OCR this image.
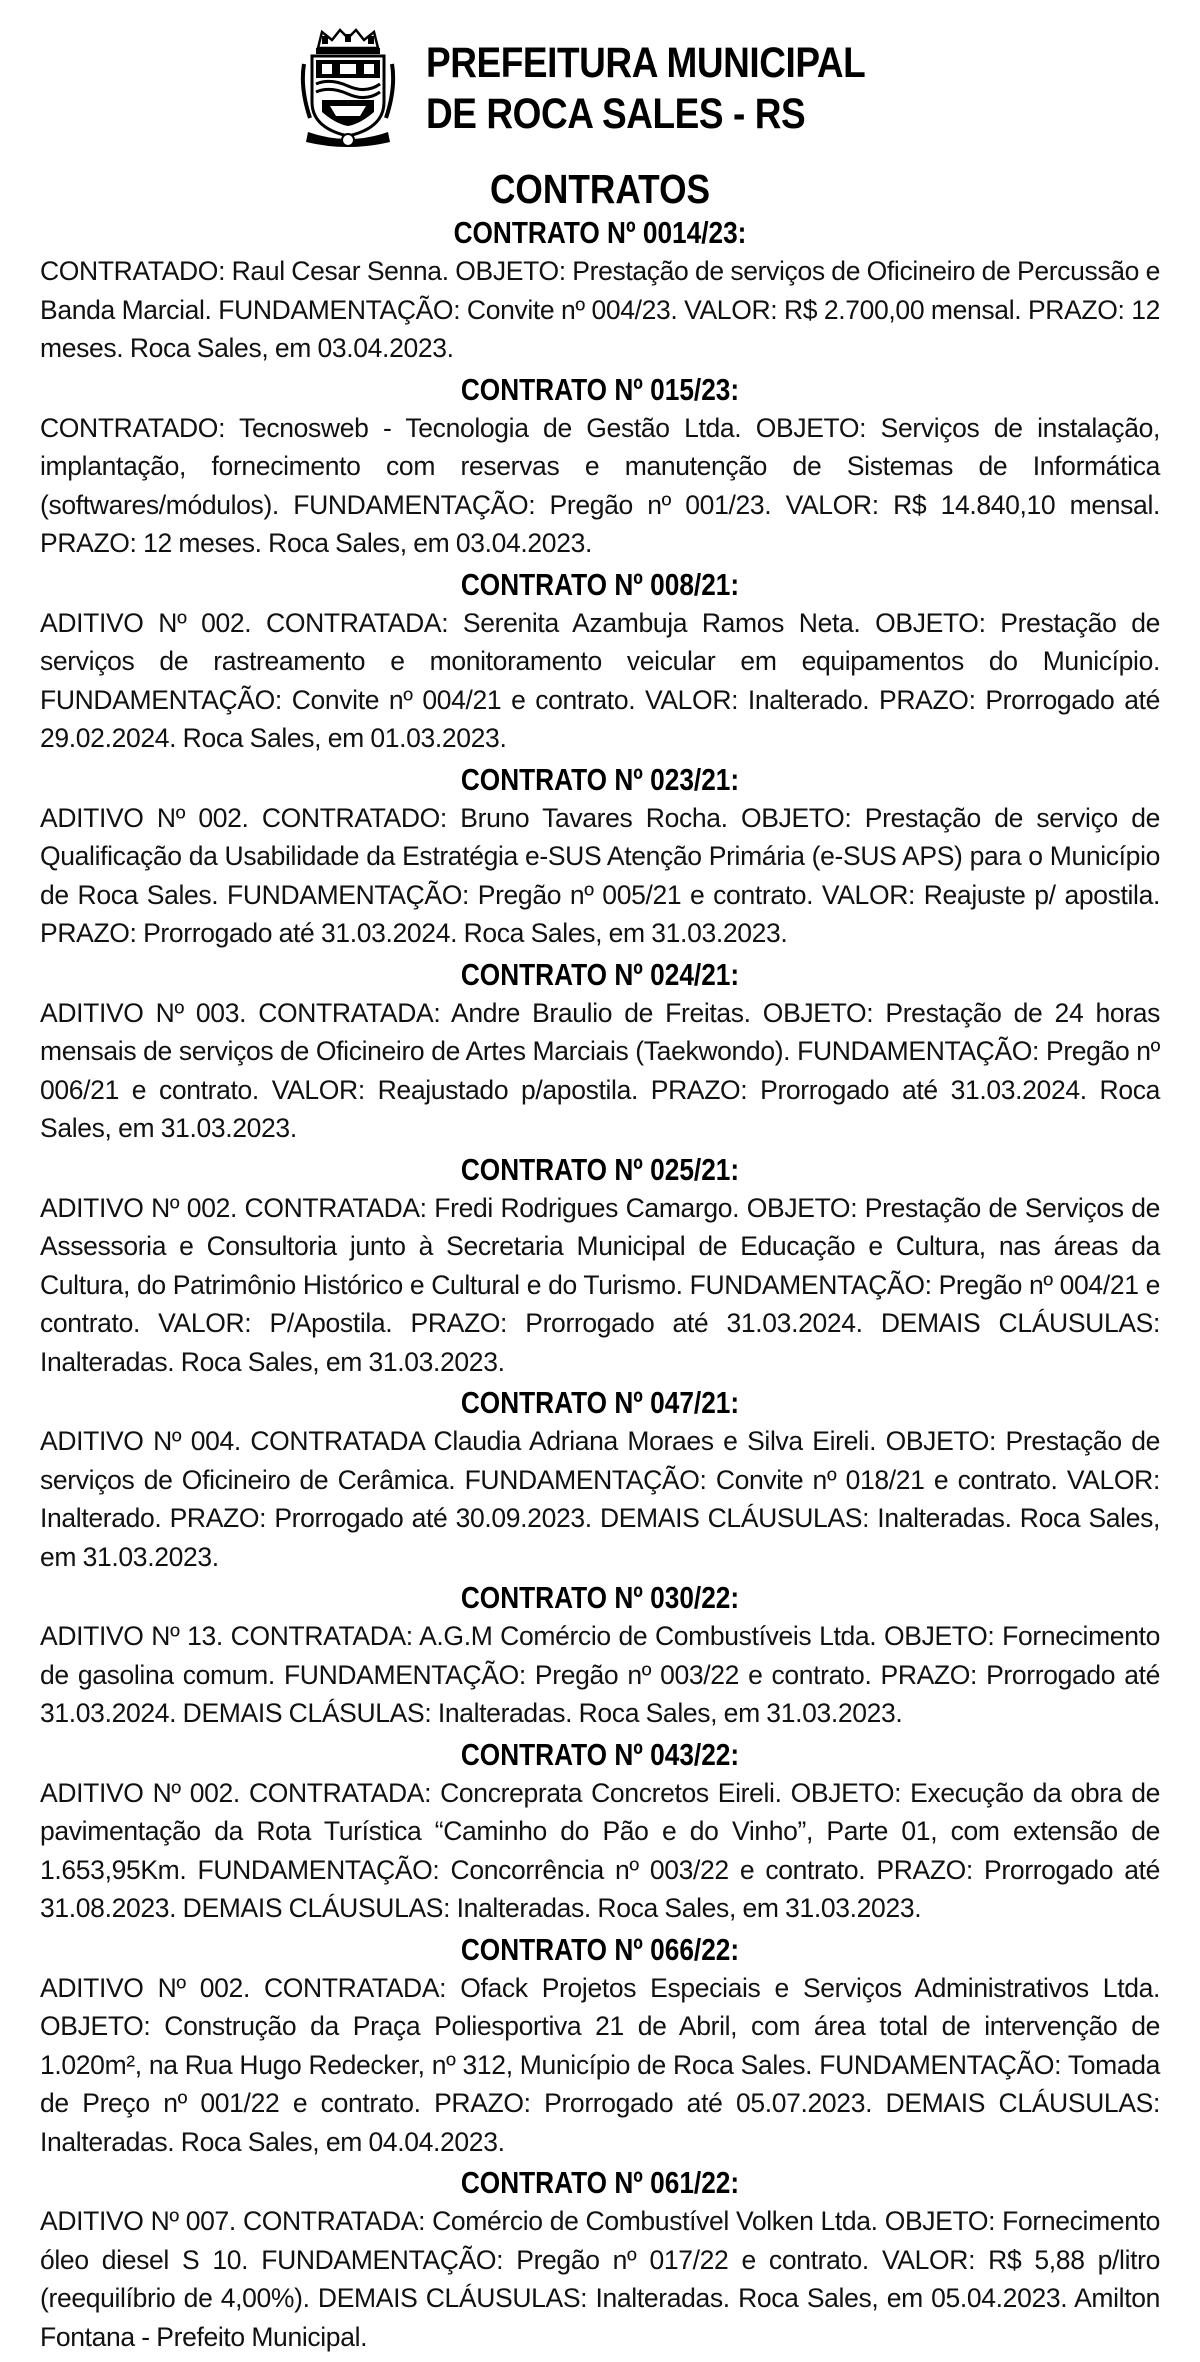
PREFEITURA MUNICIPAL
DE ROCA SALES - RS
CONTRATOS
CONTRATO Nº 0014/23:
CONTRATADO: Raul Cesar Senna. OBJETO: Prestação de serviços de Oficineiro de Percussão e Banda Marcial. FUNDAMENTAÇÃO: Convite nº 004/23. VALOR: R$ 2.700,00 mensal. PRAZO: 12 meses. Roca Sales, em 03.04.2023.
CONTRATO Nº 015/23:
CONTRATADO: Tecnosweb - Tecnologia de Gestão Ltda. OBJETO: Serviços de instalação, implantação, fornecimento com reservas e manutenção de Sistemas de Informática (softwares/módulos). FUNDAMENTAÇÃO: Pregão nº 001/23. VALOR: R$ 14.840,10 mensal. PRAZO: 12 meses. Roca Sales, em 03.04.2023.
CONTRATO Nº 008/21:
ADITIVO Nº 002. CONTRATADA: Serenita Azambuja Ramos Neta. OBJETO: Prestação de serviços de rastreamento e monitoramento veicular em equipamentos do Município. FUNDAMENTAÇÃO: Convite nº 004/21 e contrato. VALOR: Inalterado. PRAZO: Prorrogado até 29.02.2024. Roca Sales, em 01.03.2023.
CONTRATO Nº 023/21:
ADITIVO Nº 002. CONTRATADO: Bruno Tavares Rocha. OBJETO: Prestação de serviço de Qualificação da Usabilidade da Estratégia e-SUS Atenção Primária (e-SUS APS) para o Município de Roca Sales. FUNDAMENTAÇÃO: Pregão nº 005/21 e contrato. VALOR: Reajuste p/ apostila. PRAZO: Prorrogado até 31.03.2024. Roca Sales, em 31.03.2023.
CONTRATO Nº 024/21:
ADITIVO Nº 003. CONTRATADA: Andre Braulio de Freitas. OBJETO: Prestação de 24 horas mensais de serviços de Oficineiro de Artes Marciais (Taekwondo). FUNDAMENTAÇÃO: Pregão nº 006/21 e contrato. VALOR: Reajustado p/apostila. PRAZO: Prorrogado até 31.03.2024. Roca Sales, em 31.03.2023.
CONTRATO Nº 025/21:
ADITIVO Nº 002. CONTRATADA: Fredi Rodrigues Camargo. OBJETO: Prestação de Serviços de Assessoria e Consultoria junto à Secretaria Municipal de Educação e Cultura, nas áreas da Cultura, do Patrimônio Histórico e Cultural e do Turismo. FUNDAMENTAÇÃO: Pregão nº 004/21 e contrato. VALOR: P/Apostila. PRAZO: Prorrogado até 31.03.2024. DEMAIS CLÁUSULAS: Inalteradas. Roca Sales, em 31.03.2023.
CONTRATO Nº 047/21:
ADITIVO Nº 004. CONTRATADA Claudia Adriana Moraes e Silva Eireli. OBJETO: Prestação de serviços de Oficineiro de Cerâmica. FUNDAMENTAÇÃO: Convite nº 018/21 e contrato. VALOR: Inalterado. PRAZO: Prorrogado até 30.09.2023. DEMAIS CLÁUSULAS: Inalteradas. Roca Sales, em 31.03.2023.
CONTRATO Nº 030/22:
ADITIVO Nº 13. CONTRATADA: A.G.M Comércio de Combustíveis Ltda. OBJETO: Fornecimento de gasolina comum. FUNDAMENTAÇÃO: Pregão nº 003/22 e contrato. PRAZO: Prorrogado até 31.03.2024. DEMAIS CLÁSULAS: Inalteradas. Roca Sales, em 31.03.2023.
CONTRATO Nº 043/22:
ADITIVO Nº 002. CONTRATADA: Concreprata Concretos Eireli. OBJETO: Execução da obra de pavimentação da Rota Turística “Caminho do Pão e do Vinho”, Parte 01, com extensão de 1.653,95Km. FUNDAMENTAÇÃO: Concorrência nº 003/22 e contrato. PRAZO: Prorrogado até 31.08.2023. DEMAIS CLÁUSULAS: Inalteradas. Roca Sales, em 31.03.2023.
CONTRATO Nº 066/22:
ADITIVO Nº 002. CONTRATADA: Ofack Projetos Especiais e Serviços Administrativos Ltda. OBJETO: Construção da Praça Poliesportiva 21 de Abril, com área total de intervenção de 1.020m², na Rua Hugo Redecker, nº 312, Município de Roca Sales. FUNDAMENTAÇÃO: Tomada de Preço nº 001/22 e contrato. PRAZO: Prorrogado até 05.07.2023. DEMAIS CLÁUSULAS: Inalteradas. Roca Sales, em 04.04.2023.
CONTRATO Nº 061/22:
ADITIVO Nº 007. CONTRATADA: Comércio de Combustível Volken Ltda. OBJETO: Fornecimento óleo diesel S 10. FUNDAMENTAÇÃO: Pregão nº 017/22 e contrato. VALOR: R$ 5,88 p/litro (reequilíbrio de 4,00%). DEMAIS CLÁUSULAS: Inalteradas. Roca Sales, em 05.04.2023. Amilton Fontana - Prefeito Municipal.
